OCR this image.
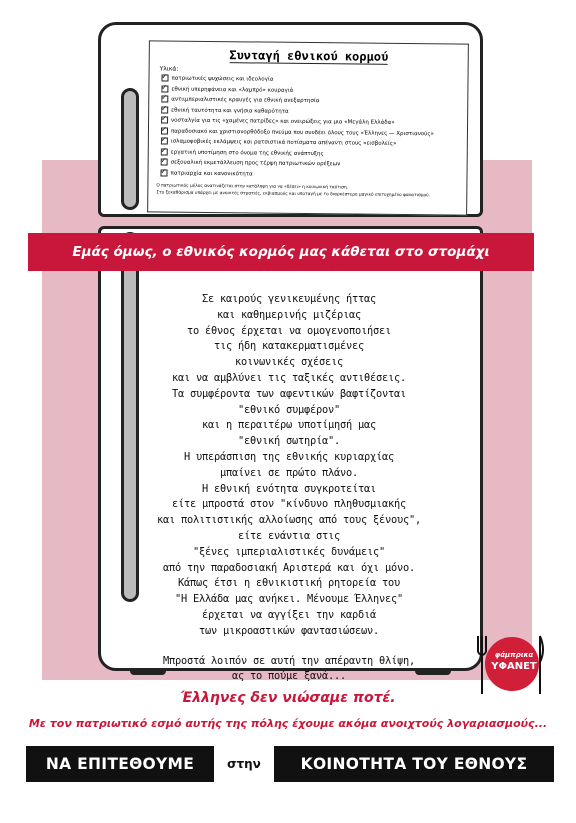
Συνταγή εθνικού κορμού
Υλικά:
✓πατριωτικές ψυχώσεις και ιδεολογία
✓εθνική υπερηφάνεια και «λαμπρό» κουραγιά
✓αντιιμπεριαλιστικές κραυγές για εθνική ανεξαρτησία
✓εθνική ταυτότητα και γνήσια καθαρότητα
✓νοσταλγία για τις «χαμένες πατρίδες» και ονειρώξεις για μια «Μεγάλη Ελλάδα»
✓παραδοσιακό και χριστιανορθόδοξο πνεύμα που συνδέει όλους τους «Έλληνες — Χριστιανούς»
✓ισλαμοφοβικές εκλάμψεις και ρατσιστικά ποτίσματα απέναντι στους «εισβολείς»
✓εργατική υποτίμηση στο όνομα της εθνικής ανάπτυξης
✓σεξουαλική εκμετάλλευση προς τέρψη πατριωτικών ορέξεων
✓πατριαρχία και κανονικότητα
Ο πατριωτικός μύλος ανατινάζεται στην κατάληψη για να «δέσει» η κοινωνική ταύτιση.
Στο ξεκαθάρισμα υπάρχει με ανοικτές στρατιές, εκβιασμούς και υποταγή με το διαρκέστερο μαγικό επιτυχημένο φανατισμού.
Εμάς όμως, ο εθνικός κορμός μας κάθεται στο στομάχι
Σε καιρούς γενικευμένης ήττας
και καθημερινής μιζέριας
το έθνος έρχεται να ομογενοποιήσει
τις ήδη κατακερματισμένες
κοινωνικές σχέσεις
και να αμβλύνει τις ταξικές αντιθέσεις.
Τα συμφέροντα των αφεντικών βαφτίζονται
"εθνικό συμφέρον"
και η περαιτέρω υποτίμησή μας
"εθνική σωτηρία".
Η υπεράσπιση της εθνικής κυριαρχίας
μπαίνει σε πρώτο πλάνο.
Η εθνική ενότητα συγκροτείται
είτε μπροστά στον "κίνδυνο πληθυσμιακής
και πολιτιστικής αλλοίωσης από τους ξένους",
είτε ενάντια στις
"ξένες ιμπεριαλιστικές δυνάμεις"
από την παραδοσιακή Αριστερά και όχι μόνο.
Κάπως έτσι η εθνικιστική ρητορεία του
"Η Ελλάδα μας ανήκει. Μένουμε Έλληνες"
έρχεται να αγγίξει την καρδιά
των μικροαστικών φαντασιώσεων.
Μπροστά λοιπόν σε αυτή την απέραντη θλίψη,
ας το πούμε ξανά...
φάμπρικα
ΥΦΑΝΕΤ
Έλληνες δεν νιώσαμε ποτέ.
Με τον πατριωτικό εσμό αυτής της πόλης έχουμε ακόμα ανοιχτούς λογαριασμούς...
ΝΑ ΕΠΙΤΕΘΟΥΜΕ	στην	ΚΟΙΝΟΤΗΤΑ ΤΟΥ ΕΘΝΟΥΣ
